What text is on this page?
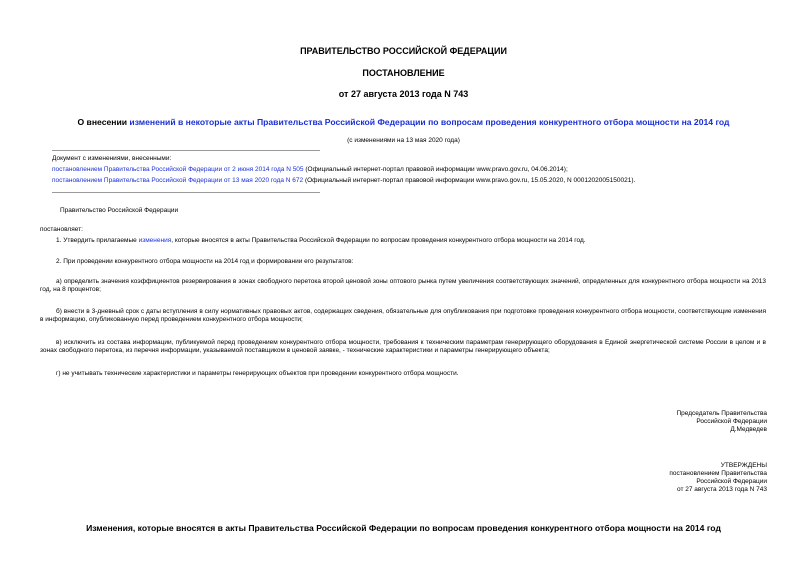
ПРАВИТЕЛЬСТВО РОССИЙСКОЙ ФЕДЕРАЦИИ
ПОСТАНОВЛЕНИЕ
от 27 августа 2013 года N 743
О внесении изменений в некоторые акты Правительства Российской Федерации по вопросам проведения конкурентного отбора мощности на 2014 год
(с изменениями на 13 мая 2020 года)
Документ с изменениями, внесенными:
постановлением Правительства Российской Федерации от 2 июня 2014 года N 505 (Официальный интернет-портал правовой информации www.pravo.gov.ru, 04.06.2014);
постановлением Правительства Российской Федерации от 13 мая 2020 года N 672 (Официальный интернет-портал правовой информации www.pravo.gov.ru, 15.05.2020, N 0001202005150021).
Правительство Российской Федерации
постановляет:
1. Утвердить прилагаемые изменения, которые вносятся в акты Правительства Российской Федерации по вопросам проведения конкурентного отбора мощности на 2014 год.
2. При проведении конкурентного отбора мощности на 2014 год и формировании его результатов:
а) определить значения коэффициентов резервирования в зонах свободного перетока второй ценовой зоны оптового рынка путем увеличения соответствующих значений, определенных для конкурентного отбора мощности на 2013 год, на 8 процентов;
б) внести в 3-дневный срок с даты вступления в силу нормативных правовых актов, содержащих сведения, обязательные для опубликования при подготовке проведения конкурентного отбора мощности, соответствующие изменения в информацию, опубликованную перед проведением конкурентного отбора мощности;
в) исключить из состава информации, публикуемой перед проведением конкурентного отбора мощности, требования к техническим параметрам генерирующего оборудования в Единой энергетической системе России в целом и в зонах свободного перетока, из перечня информации, указываемой поставщиком в ценовой заявке, - технические характеристики и параметры генерирующего объекта;
г) не учитывать технические характеристики и параметры генерирующих объектов при проведении конкурентного отбора мощности.
Председатель Правительства
Российской Федерации
Д.Медведев
УТВЕРЖДЕНЫ
постановлением Правительства
Российской Федерации
от 27 августа 2013 года N 743
Изменения, которые вносятся в акты Правительства Российской Федерации по вопросам проведения конкурентного отбора мощности на 2014 год
